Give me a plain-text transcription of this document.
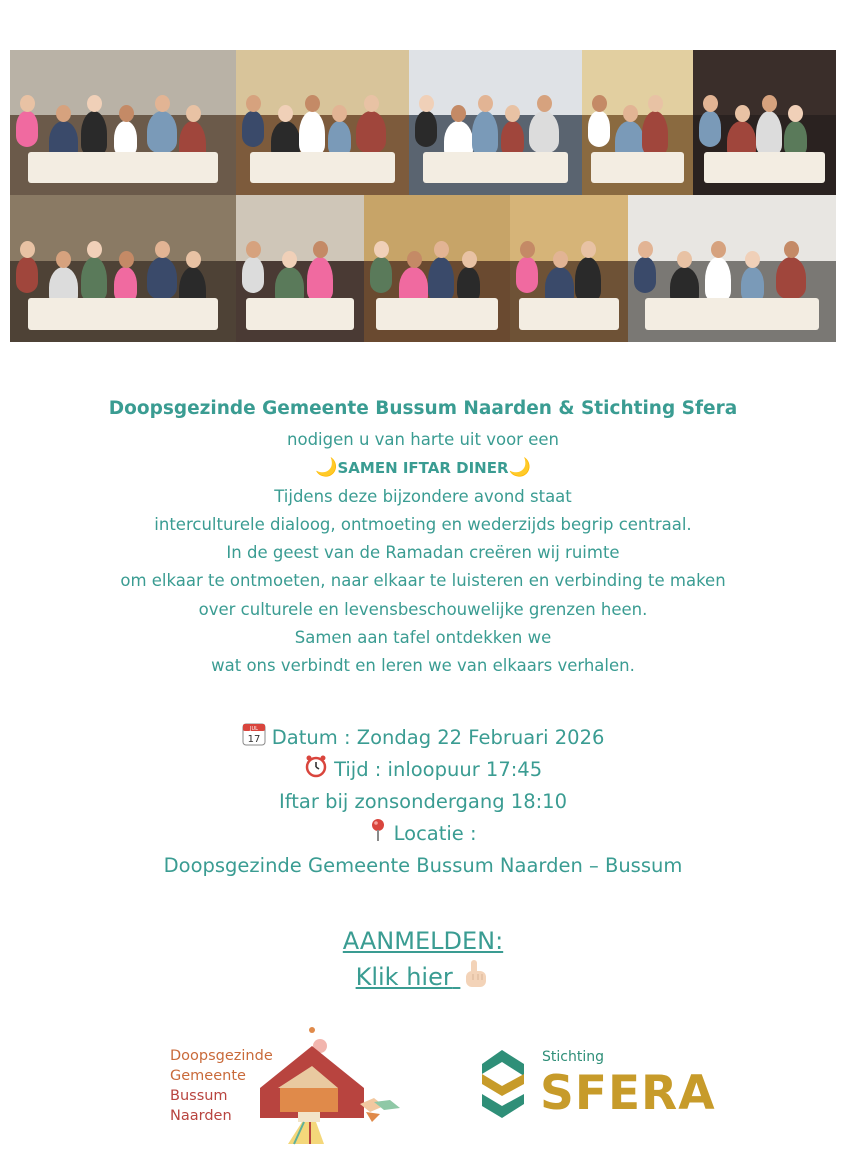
Doopsgezinde Gemeente Bussum Naarden & Stichting Sfera
nodigen u van harte uit voor een
🌙SAMEN IFTAR DINER🌙
Tijdens deze bijzondere avond staat
interculturele dialoog, ontmoeting en wederzijds begrip centraal.
In de geest van de Ramadan creëren wij ruimte
om elkaar te ontmoeten, naar elkaar te luisteren en verbinding te maken
over culturele en levensbeschouwelijke grenzen heen.
Samen aan tafel ontdekken we
wat ons verbindt en leren we van elkaars verhalen.
JUL
17 Datum : Zondag 22 Februari 2026
Tijd : inloopuur 17:45
Iftar bij zonsondergang 18:10
Locatie :
Doopsgezinde Gemeente Bussum Naarden – Bussum
AANMELDEN:
Klik hier
Doopsgezinde
Gemeente
Bussum
Naarden
Stichting
SFERA
